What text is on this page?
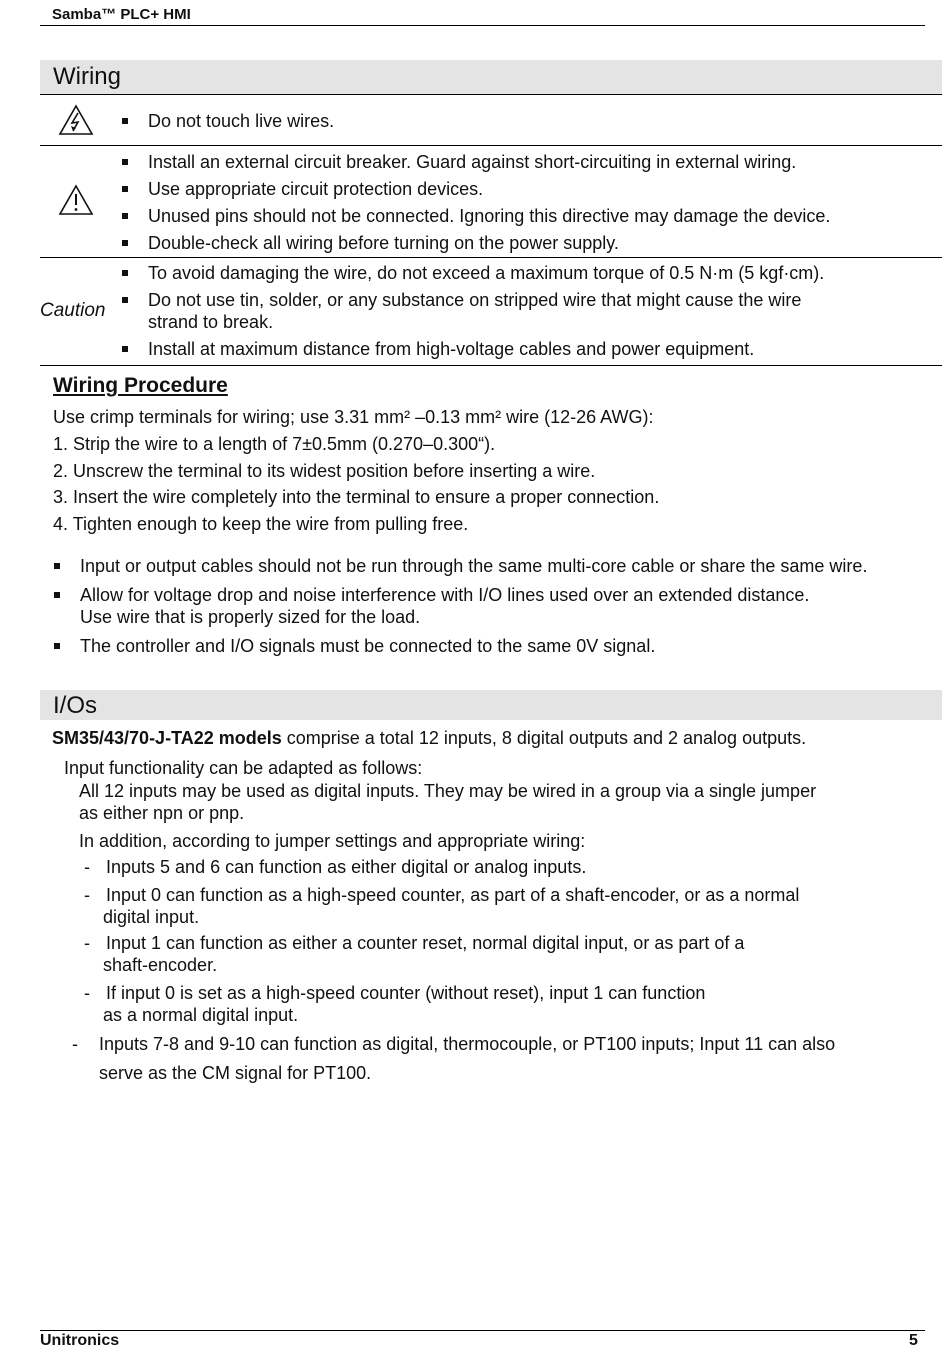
Samba™ PLC+ HMI
Wiring
Do not touch live wires.
Install an external circuit breaker. Guard against short-circuiting in external wiring.
Use appropriate circuit protection devices.
Unused pins should not be connected. Ignoring this directive may damage the device.
Double-check all wiring before turning on the power supply.
Caution
To avoid damaging the wire, do not exceed a maximum torque of 0.5 N·m (5 kgf·cm).
Do not use tin, solder, or any substance on stripped wire that might cause the wire
strand to break.
Install at maximum distance from high-voltage cables and power equipment.
Wiring Procedure
Use crimp terminals for wiring; use 3.31 mm² –0.13 mm² wire (12-26 AWG):
1. Strip the wire to a length of 7±0.5mm (0.270–0.300“).
2. Unscrew the terminal to its widest position before inserting a wire.
3. Insert the wire completely into the terminal to ensure a proper connection.
4. Tighten enough to keep the wire from pulling free.
Input or output cables should not be run through the same multi-core cable or share the same wire.
Allow for voltage drop and noise interference with I/O lines used over an extended distance.
Use wire that is properly sized for the load.
The controller and I/O signals must be connected to the same 0V signal.
I/Os
SM35/43/70-J-TA22 models comprise a total 12 inputs, 8 digital outputs and 2 analog outputs.
Input functionality can be adapted as follows:
All 12 inputs may be used as digital inputs. They may be wired in a group via a single jumper
as either npn or pnp.
In addition, according to jumper settings and appropriate wiring:
- Inputs 5 and 6 can function as either digital or analog inputs.
- Input 0 can function as a high-speed counter, as part of a shaft-encoder, or as a normal
digital input.
- Input 1 can function as either a counter reset, normal digital input, or as part of a
shaft-encoder.
- If input 0 is set as a high-speed counter (without reset), input 1 can function
as a normal digital input.
- Inputs 7-8 and 9-10 can function as digital, thermocouple, or PT100 inputs; Input 11 can also
serve as the CM signal for PT100.
Unitronics	5
